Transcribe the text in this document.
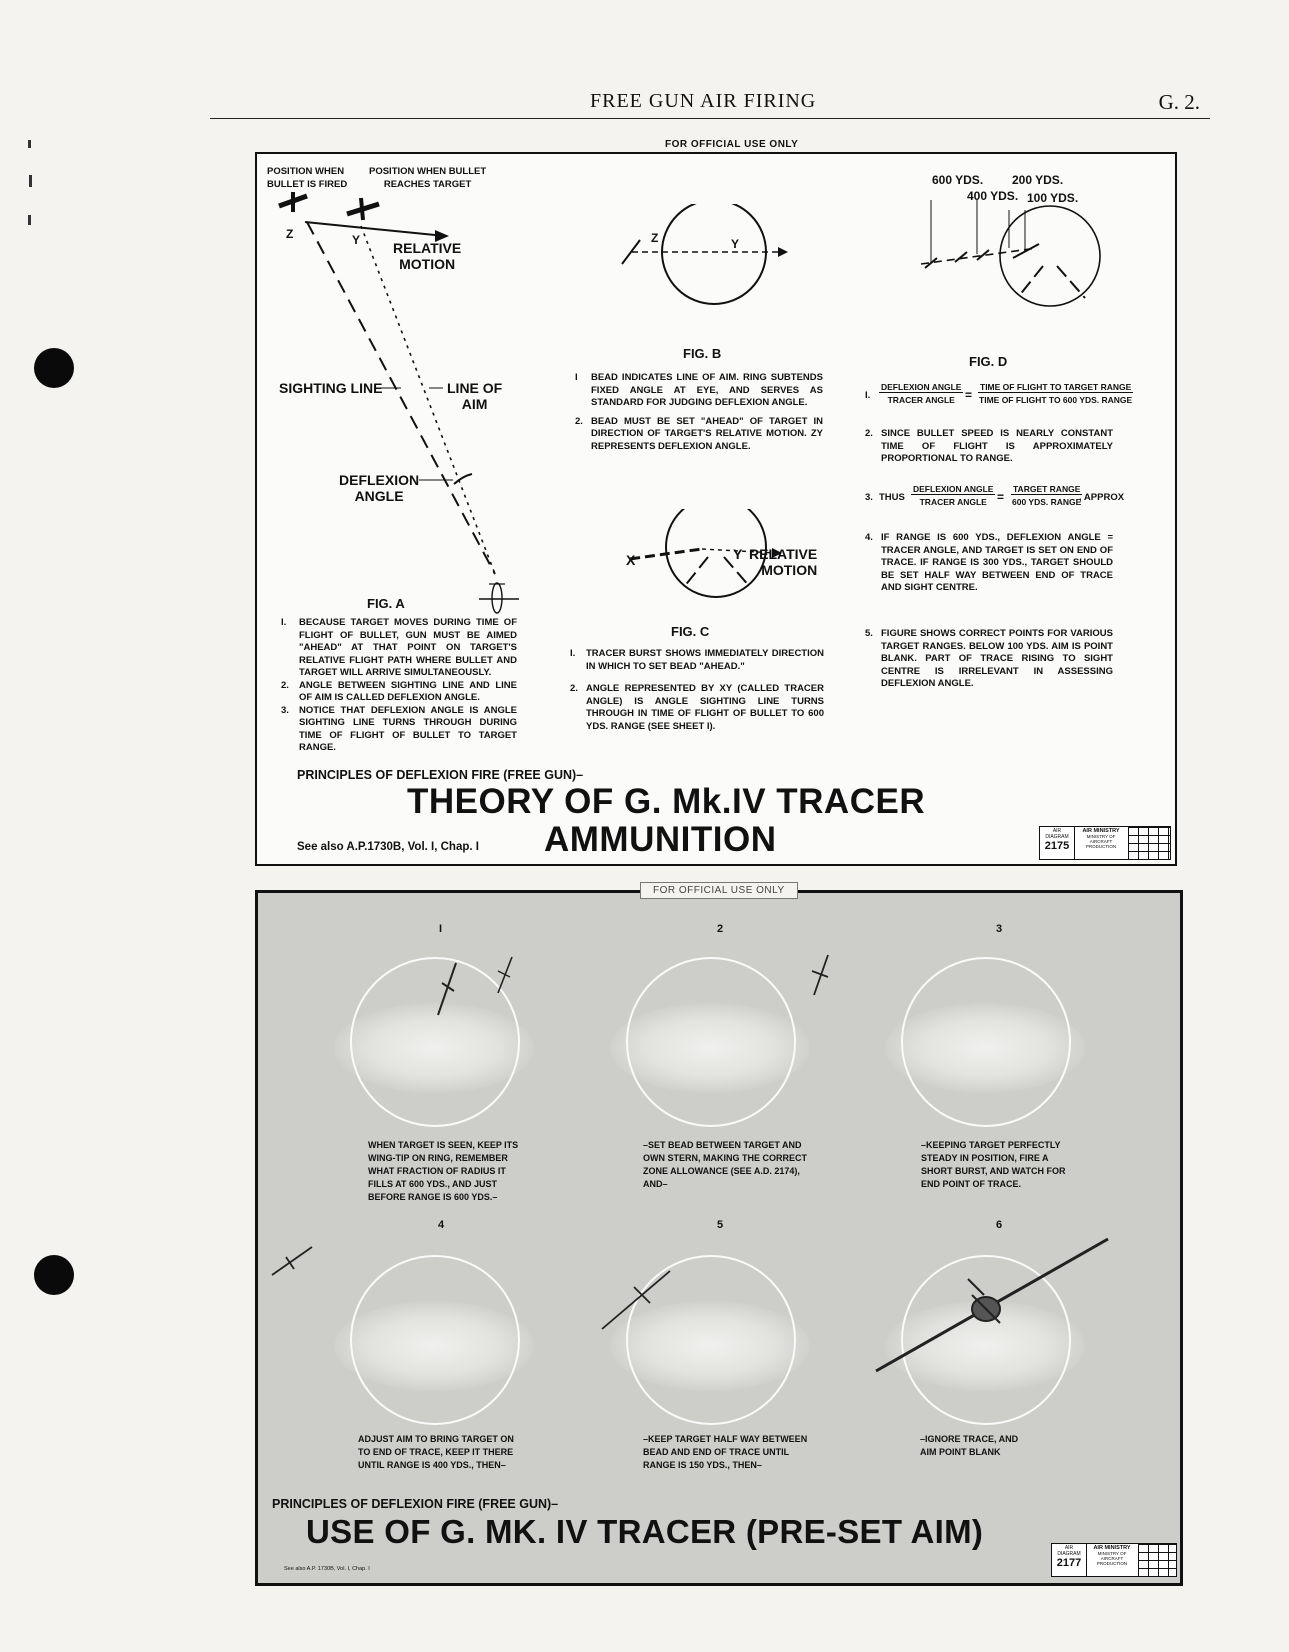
FREE GUN AIR FIRING	G. 2.
FOR OFFICIAL USE ONLY
POSITION WHEN
BULLET IS FIRED
POSITION WHEN BULLET
REACHES TARGET
Z	Y RELATIVE
MOTION
SIGHTING LINE	LINE OF
AIM
DEFLEXION
ANGLE
FIG. A
I. BECAUSE TARGET MOVES DURING TIME OF FLIGHT OF BULLET, GUN MUST BE AIMED "AHEAD" AT THAT POINT ON TARGET'S RELATIVE FLIGHT PATH WHERE BULLET AND TARGET WILL ARRIVE SIMULTANEOUSLY.
2. ANGLE BETWEEN SIGHTING LINE AND LINE OF AIM IS CALLED DEFLEXION ANGLE.
3. NOTICE THAT DEFLEXION ANGLE IS ANGLE SIGHTING LINE TURNS THROUGH DURING TIME OF FLIGHT OF BULLET TO TARGET RANGE.
Z	Y
FIG. B
I BEAD INDICATES LINE OF AIM. RING SUBTENDS FIXED ANGLE AT EYE, AND SERVES AS STANDARD FOR JUDGING DEFLEXION ANGLE.
2. BEAD MUST BE SET "AHEAD" OF TARGET IN DIRECTION OF TARGET'S RELATIVE MOTION. ZY REPRESENTS DEFLEXION ANGLE.
X	Y RELATIVE
MOTION
FIG. C
I. TRACER BURST SHOWS IMMEDIATELY DIRECTION IN WHICH TO SET BEAD "AHEAD."
2. ANGLE REPRESENTED BY XY (CALLED TRACER ANGLE) IS ANGLE SIGHTING LINE TURNS THROUGH IN TIME OF FLIGHT OF BULLET TO 600 YDS. RANGE (SEE SHEET I).
600 YDS. 200 YDS.
400 YDS. 100 YDS.
FIG. D
I.
DEFLEXION ANGLE
TRACER ANGLE =
TIME OF FLIGHT TO TARGET RANGE
TIME OF FLIGHT TO 600 YDS. RANGE
2. SINCE BULLET SPEED IS NEARLY CONSTANT TIME OF FLIGHT IS APPROXIMATELY PROPORTIONAL TO RANGE.
3. THUS
DEFLEXION ANGLE
TRACER ANGLE =
TARGET RANGE
600 YDS. RANGE
, APPROX
4. IF RANGE IS 600 YDS., DEFLEXION ANGLE = TRACER ANGLE, AND TARGET IS SET ON END OF TRACE. IF RANGE IS 300 YDS., TARGET SHOULD BE SET HALF WAY BETWEEN END OF TRACE AND SIGHT CENTRE.
5. FIGURE SHOWS CORRECT POINTS FOR VARIOUS TARGET RANGES. BELOW 100 YDS. AIM IS POINT BLANK. PART OF TRACE RISING TO SIGHT CENTRE IS IRRELEVANT IN ASSESSING DEFLEXION ANGLE.
PRINCIPLES OF DEFLEXION FIRE (FREE GUN)–
THEORY OF G. Mk.IV TRACER
AMMUNITION
See also A.P.1730B, Vol. I, Chap. I
AIR
DIAGRAM
2175
AIR MINISTRY
MINISTRY OF
AIRCRAFT
PRODUCTION
FOR OFFICIAL USE ONLY
I
WHEN TARGET IS SEEN, KEEP ITS WING-TIP ON RING, REMEMBER WHAT FRACTION OF RADIUS IT FILLS AT 600 YDS., AND JUST BEFORE RANGE IS 600 YDS.–
2
–SET BEAD BETWEEN TARGET AND OWN STERN, MAKING THE CORRECT ZONE ALLOWANCE (SEE A.D. 2174), AND–
3
–KEEPING TARGET PERFECTLY STEADY IN POSITION, FIRE A SHORT BURST, AND WATCH FOR END POINT OF TRACE.
4
ADJUST AIM TO BRING TARGET ON TO END OF TRACE, KEEP IT THERE UNTIL RANGE IS 400 YDS., THEN–
5
–KEEP TARGET HALF WAY BETWEEN BEAD AND END OF TRACE UNTIL RANGE IS 150 YDS., THEN–
6
–IGNORE TRACE, AND AIM POINT BLANK
PRINCIPLES OF DEFLEXION FIRE (FREE GUN)–
USE OF G. MK. IV TRACER (PRE-SET AIM)
See also A.P. 1730B, Vol. I, Chap. I
AIR
DIAGRAM
2177
AIR MINISTRY
MINISTRY OF
AIRCRAFT
PRODUCTION
